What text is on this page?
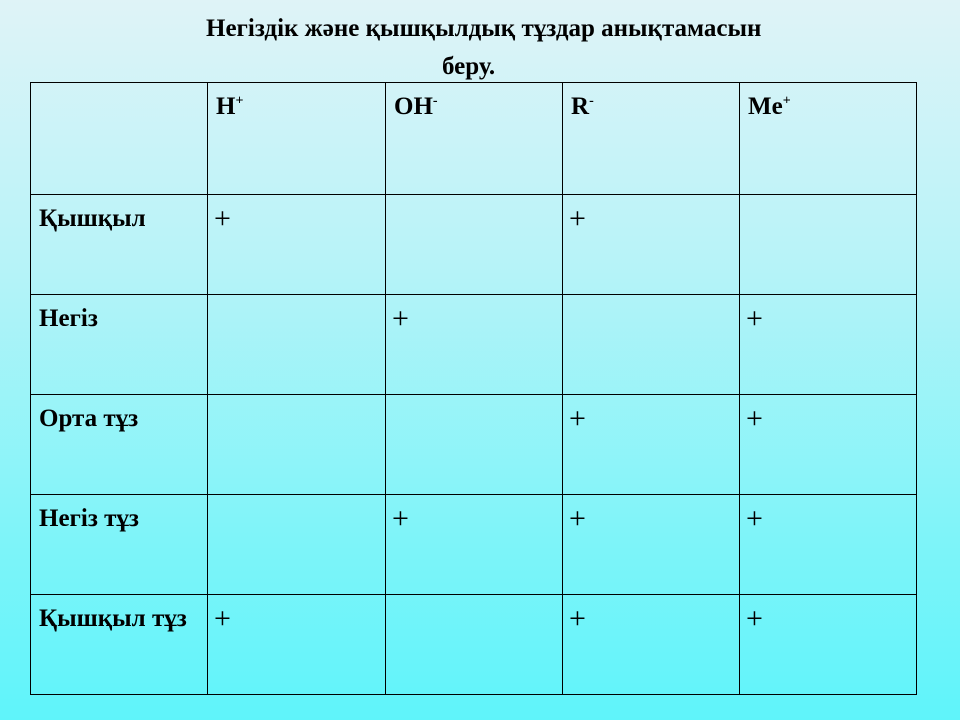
Негіздік және қышқылдық тұздар анықтамасын
беру.
	H+	OH-	R-	Me+
Қышқыл	+		+	
Негіз		+		+
Орта тұз			+	+
Негіз тұз		+	+	+
Қышқыл тұз	+		+	+
